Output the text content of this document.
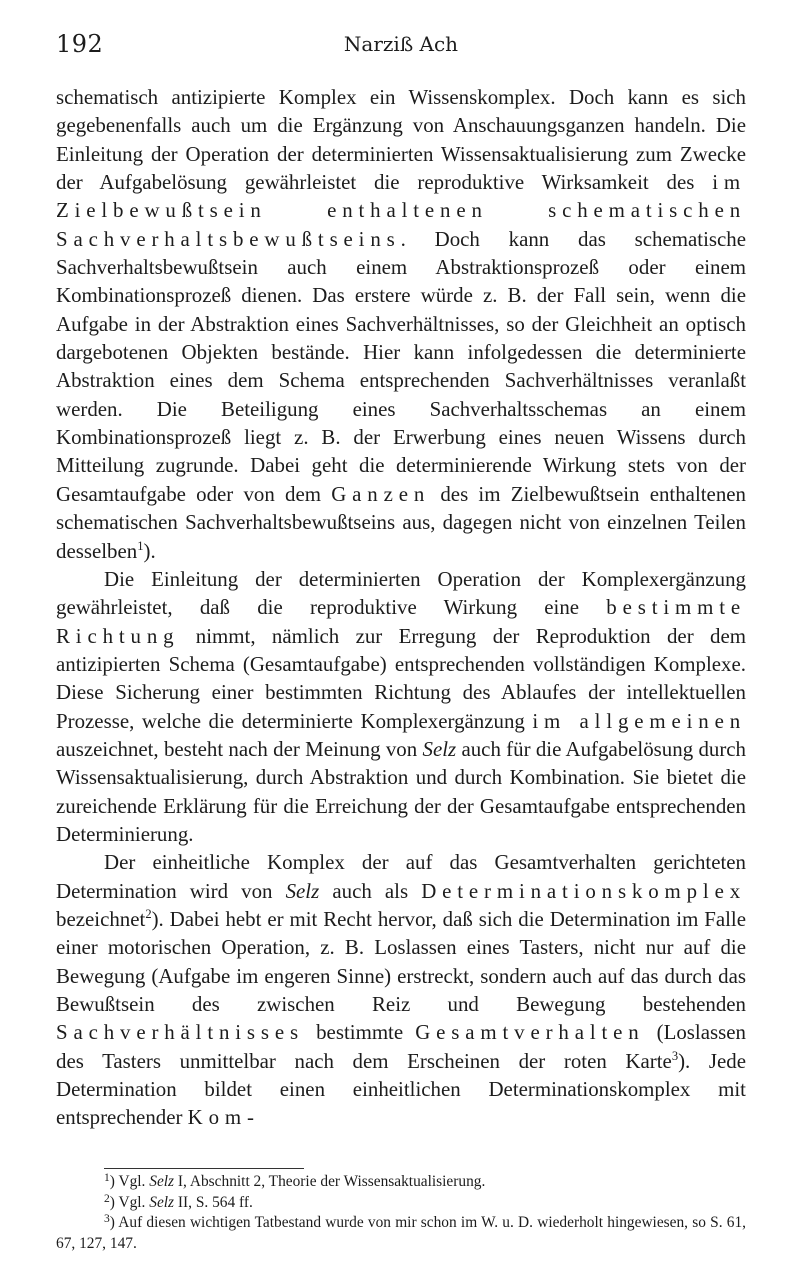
192	Narziß Ach

schematisch antizipierte Komplex ein Wissenskomplex. Doch kann es sich gegebenenfalls auch um die Ergänzung von Anschauungsganzen handeln. Die Einleitung der Operation der determinierten Wissensaktualisierung zum Zwecke der Aufgabelösung gewährleistet die reproduktive Wirksamkeit des im Zielbewußtsein enthaltenen schematischen Sachverhaltsbewußtseins. Doch kann das schematische Sachverhaltsbewußtsein auch einem Abstraktionsprozeß oder einem Kombinationsprozeß dienen. Das erstere würde z. B. der Fall sein, wenn die Aufgabe in der Abstraktion eines Sachverhältnisses, so der Gleichheit an optisch dargebotenen Objekten bestände. Hier kann infolgedessen die determinierte Abstraktion eines dem Schema entsprechenden Sachverhältnisses veranlaßt werden. Die Beteiligung eines Sachverhaltsschemas an einem Kombinationsprozeß liegt z. B. der Erwerbung eines neuen Wissens durch Mitteilung zugrunde. Dabei geht die determinierende Wirkung stets von der Gesamtaufgabe oder von dem Ganzen des im Zielbewußtsein enthaltenen schematischen Sachverhaltsbewußtseins aus, dagegen nicht von einzelnen Teilen desselben$^1$).

Die Einleitung der determinierten Operation der Komplexergänzung gewährleistet, daß die reproduktive Wirkung eine bestimmte Richtung nimmt, nämlich zur Erregung der Reproduktion der dem antizipierten Schema (Gesamtaufgabe) entsprechenden vollständigen Komplexe. Diese Sicherung einer bestimmten Richtung des Ablaufes der intellektuellen Prozesse, welche die determinierte Komplexergänzung im allgemeinen auszeichnet, besteht nach der Meinung von Selz auch für die Aufgabelösung durch Wissensaktualisierung, durch Abstraktion und durch Kombination. Sie bietet die zureichende Erklärung für die Erreichung der der Gesamtaufgabe entsprechenden Determinierung.

Der einheitliche Komplex der auf das Gesamtverhalten gerichteten Determination wird von Selz auch als Determinationskomplex bezeichnet$^2$). Dabei hebt er mit Recht hervor, daß sich die Determination im Falle einer motorischen Operation, z. B. Loslassen eines Tasters, nicht nur auf die Bewegung (Aufgabe im engeren Sinne) erstreckt, sondern auch auf das durch das Bewußtsein des zwischen Reiz und Bewegung bestehenden Sachverhältnisses bestimmte Gesamtverhalten (Loslassen des Tasters unmittelbar nach dem Erscheinen der roten Karte$^3$). Jede Determination bildet einen einheitlichen Determinationskomplex mit entsprechender Kom-

$^1$) Vgl. Selz I, Abschnitt 2, Theorie der Wissensaktualisierung.

$^2$) Vgl. Selz II, S. 564 ff.

$^3$) Auf diesen wichtigen Tatbestand wurde von mir schon im W. u. D. wiederholt hingewiesen, so S. 61, 67, 127, 147.
